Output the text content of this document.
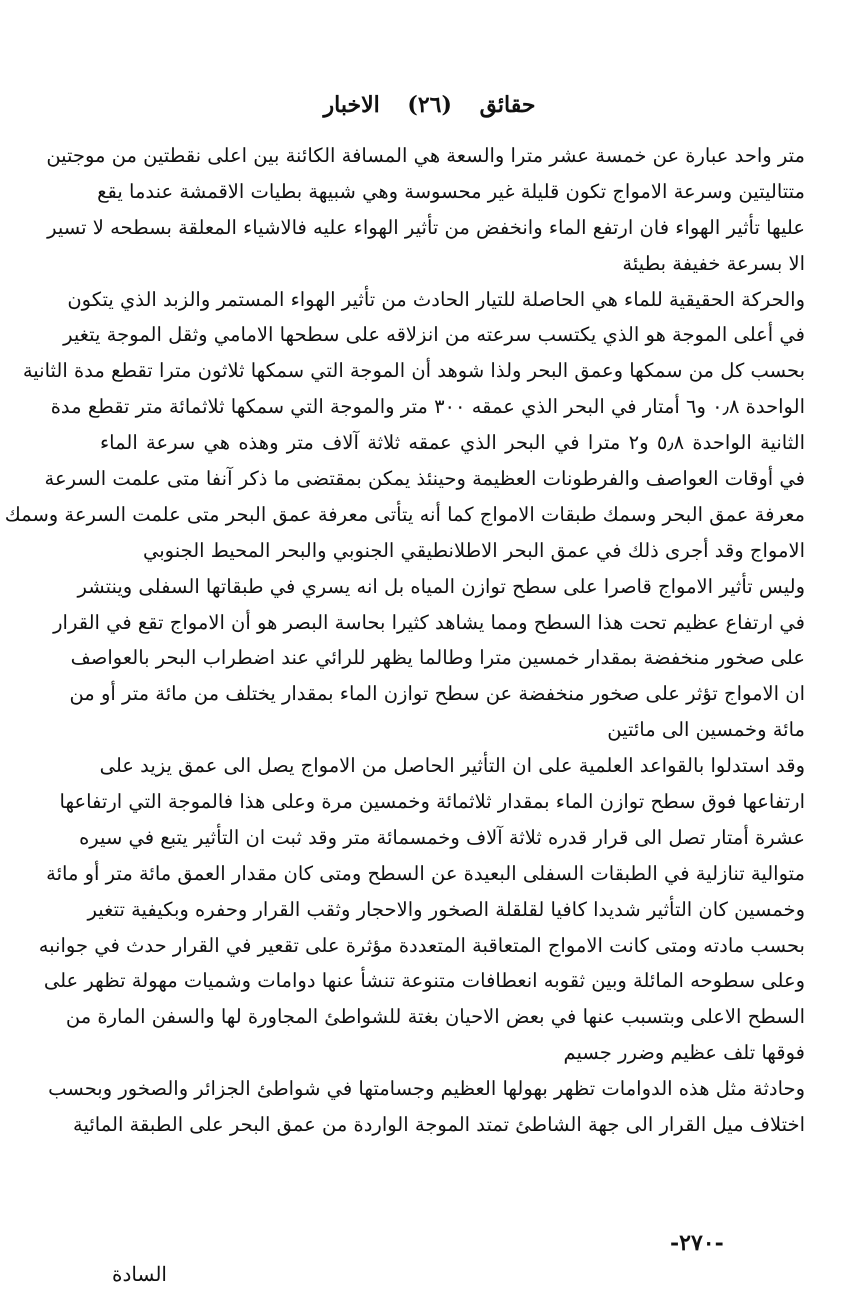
حقائق (٢٦) الاخبار
متر واحد عبارة عن خمسة عشر مترا والسعة هي المسافة الكائنة بين اعلى نقطتين من موجتين
متتاليتين وسرعة الامواج تكون قليلة غير محسوسة وهي شبيهة بطيات الاقمشة عندما يقع
عليها تأثير الهواء فان ارتفع الماء وانخفض من تأثير الهواء عليه فالاشياء المعلقة بسطحه لا تسير
الا بسرعة خفيفة بطيئة
والحركة الحقيقية للماء هي الحاصلة للتيار الحادث من تأثير الهواء المستمر والزبد الذي يتكون
في أعلى الموجة هو الذي يكتسب سرعته من انزلاقه على سطحها الامامي وثقل الموجة يتغير
بحسب كل من سمكها وعمق البحر ولذا شوهد أن الموجة التي سمكها ثلاثون مترا تقطع مدة الثانية
الواحدة ٠٫٨ و٦ أمتار في البحر الذي عمقه ٣٠٠ متر والموجة التي سمكها ثلاثمائة متر تقطع مدة
الثانية الواحدة ٥٫٨ و٢ مترا في البحر الذي عمقه ثلاثة آلاف متر وهذه هي سرعة الماء
في أوقات العواصف والفرطونات العظيمة وحينئذ يمكن بمقتضى ما ذكر آنفا متى علمت السرعة
معرفة عمق البحر وسمك طبقات الامواج كما أنه يتأتى معرفة عمق البحر متى علمت السرعة وسمك
الامواج وقد أجرى ذلك في عمق البحر الاطلانطيقي الجنوبي والبحر المحيط الجنوبي
وليس تأثير الامواج قاصرا على سطح توازن المياه بل انه يسري في طبقاتها السفلى وينتشر
في ارتفاع عظيم تحت هذا السطح ومما يشاهد كثيرا بحاسة البصر هو أن الامواج تقع في القرار
على صخور منخفضة بمقدار خمسين مترا وطالما يظهر للرائي عند اضطراب البحر بالعواصف
ان الامواج تؤثر على صخور منخفضة عن سطح توازن الماء بمقدار يختلف من مائة متر أو من
مائة وخمسين الى مائتين
وقد استدلوا بالقواعد العلمية على ان التأثير الحاصل من الامواج يصل الى عمق يزيد على
ارتفاعها فوق سطح توازن الماء بمقدار ثلاثمائة وخمسين مرة وعلى هذا فالموجة التي ارتفاعها
عشرة أمتار تصل الى قرار قدره ثلاثة آلاف وخمسمائة متر وقد ثبت ان التأثير يتبع في سيره
متوالية تنازلية في الطبقات السفلى البعيدة عن السطح ومتى كان مقدار العمق مائة متر أو مائة
وخمسين كان التأثير شديدا كافيا لقلقلة الصخور والاحجار وثقب القرار وحفره وبكيفية تتغير
بحسب مادته ومتى كانت الامواج المتعاقبة المتعددة مؤثرة على تقعير في القرار حدث في جوانبه
وعلى سطوحه المائلة وبين ثقوبه انعطافات متنوعة تنشأ عنها دوامات وشميات مهولة تظهر على
السطح الاعلى وبتسبب عنها في بعض الاحيان بغتة للشواطئ المجاورة لها والسفن المارة من
فوقها تلف عظيم وضرر جسيم
وحادثة مثل هذه الدوامات تظهر بهولها العظيم وجسامتها في شواطئ الجزائر والصخور وبحسب
اختلاف ميل القرار الى جهة الشاطئ تمتد الموجة الواردة من عمق البحر على الطبقة المائية
-٢٧٠-
السادة
